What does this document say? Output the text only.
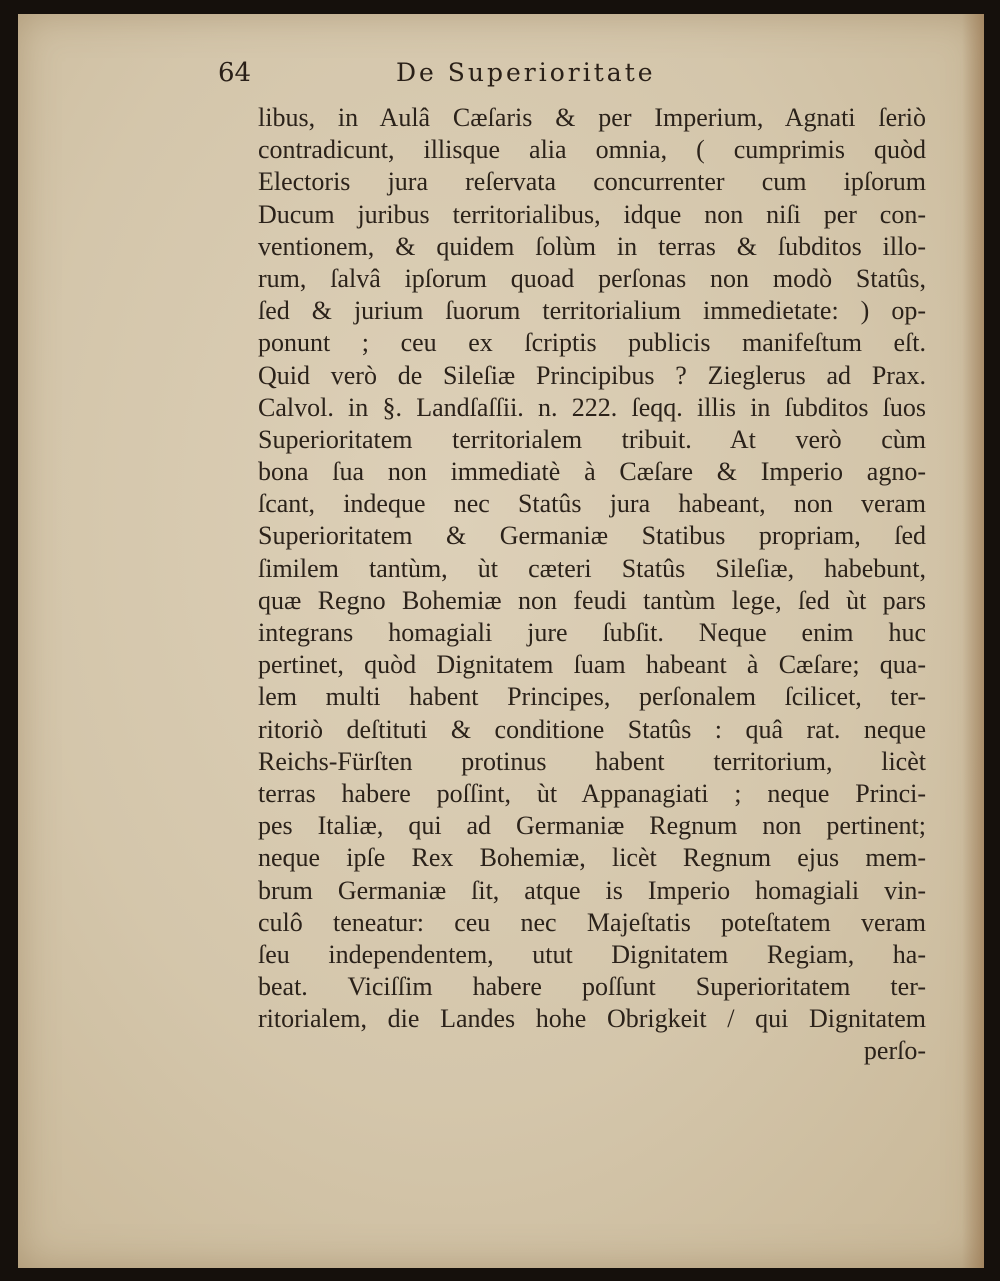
64	De Superioritate
libus, in Aulâ Cæſaris & per Imperium, Agnati ſeriò
contradicunt, illisque alia omnia, ( cumprimis quòd
Electoris jura reſervata concurrenter cum ipſorum
Ducum juribus territorialibus, idque non niſi per con-
ventionem, & quidem ſolùm in terras & ſubditos illo-
rum, ſalvâ ipſorum quoad perſonas non modò Statûs,
ſed & jurium ſuorum territorialium immedietate: ) op-
ponunt ; ceu ex ſcriptis publicis manifeſtum eſt.
Quid verò de Sileſiæ Principibus ? Zieglerus ad Prax.
Calvol. in §. Landſaſſii. n. 222. ſeqq. illis in ſubditos ſuos
Superioritatem territorialem tribuit. At verò cùm
bona ſua non immediatè à Cæſare & Imperio agno-
ſcant, indeque nec Statûs jura habeant, non veram
Superioritatem & Germaniæ Statibus propriam, ſed
ſimilem tantùm, ùt cæteri Statûs Sileſiæ, habebunt,
quæ Regno Bohemiæ non feudi tantùm lege, ſed ùt pars
integrans homagiali jure ſubſit. Neque enim huc
pertinet, quòd Dignitatem ſuam habeant à Cæſare; qua-
lem multi habent Principes, perſonalem ſcilicet, ter-
ritoriò deſtituti & conditione Statûs : quâ rat. neque
Reichs-Fürſten protinus habent territorium, licèt
terras habere poſſint, ùt Appanagiati ; neque Princi-
pes Italiæ, qui ad Germaniæ Regnum non pertinent;
neque ipſe Rex Bohemiæ, licèt Regnum ejus mem-
brum Germaniæ ſit, atque is Imperio homagiali vin-
culô teneatur: ceu nec Majeſtatis poteſtatem veram
ſeu independentem, utut Dignitatem Regiam, ha-
beat. Viciſſim habere poſſunt Superioritatem ter-
ritorialem, die Landes hohe Obrigkeit / qui Dignitatem
perſo-
